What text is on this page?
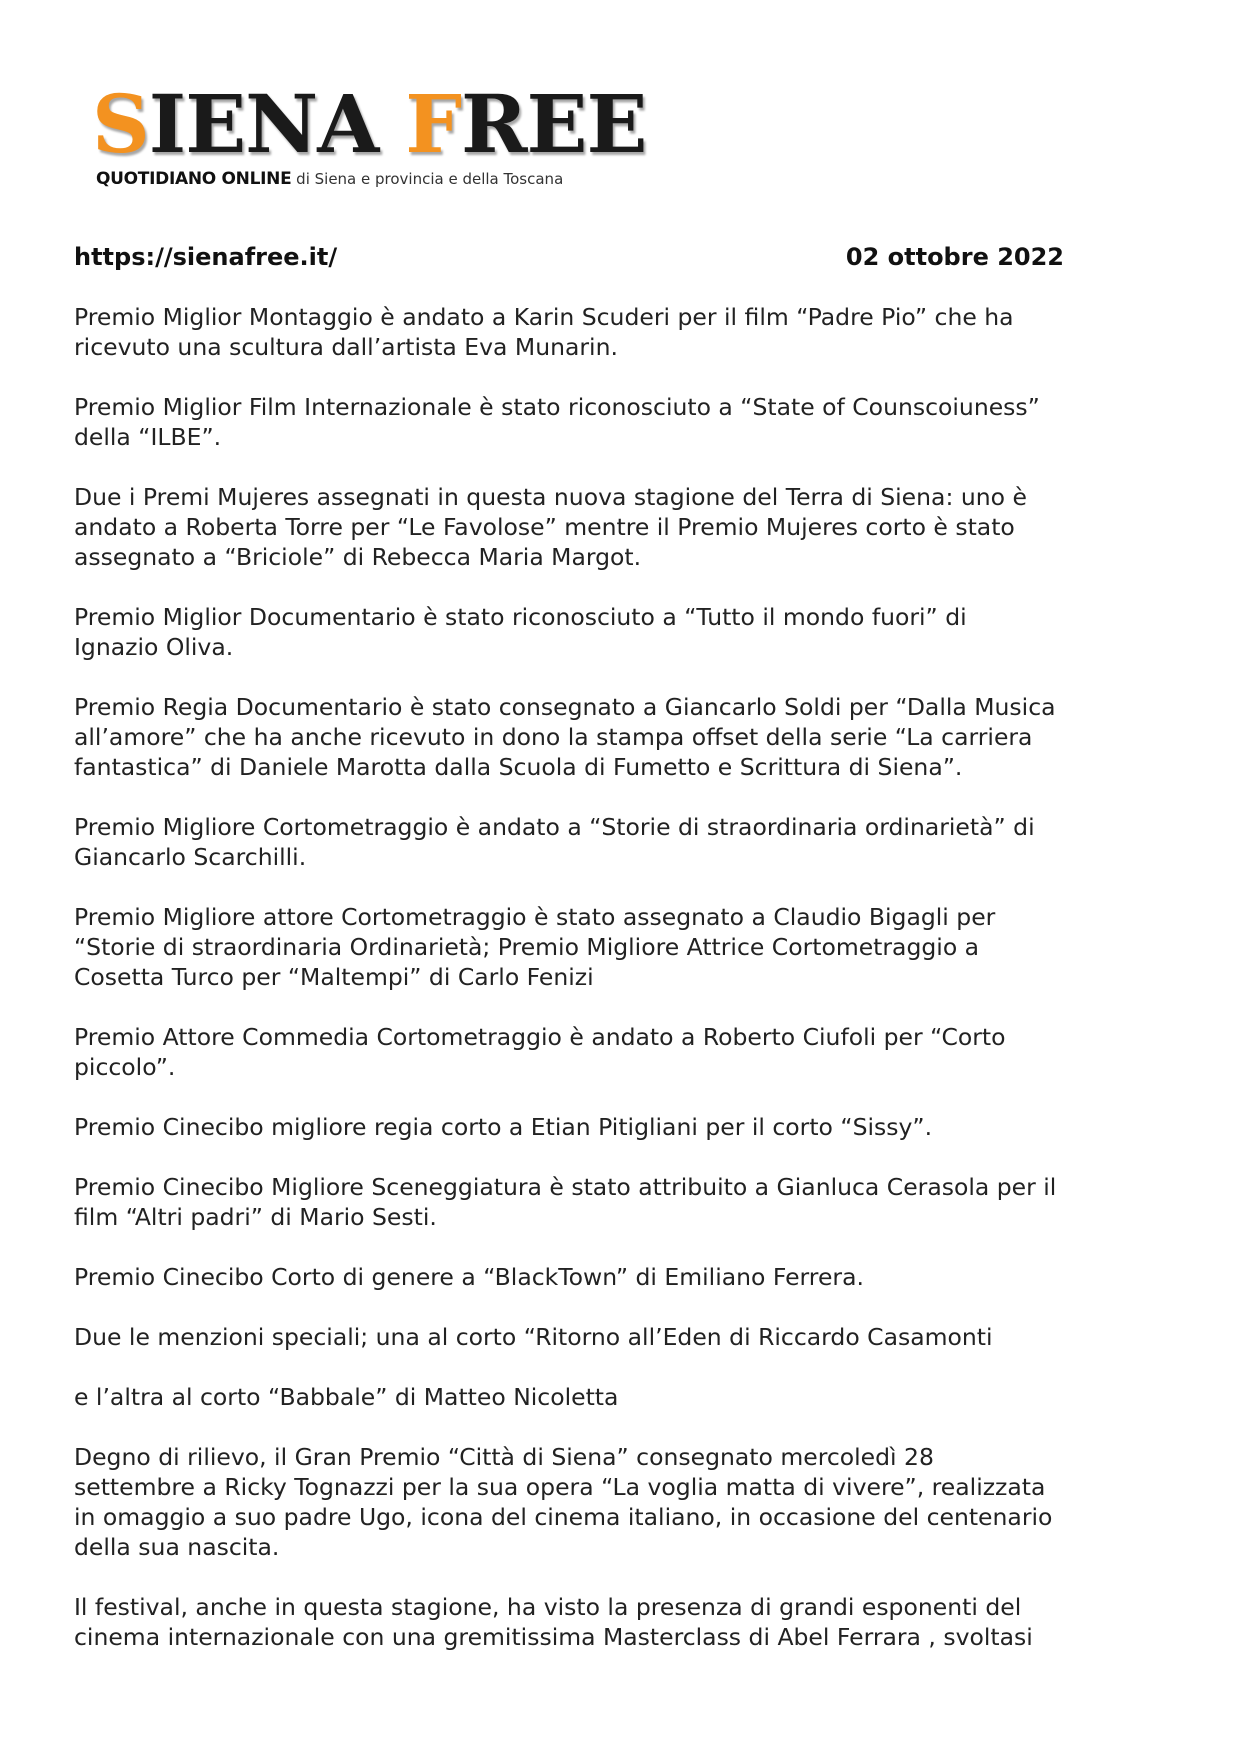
SIENA FREE
QUOTIDIANO ONLINE di Siena e provincia e della Toscana
https://sienafree.it/	02 ottobre 2022

Premio Miglior Montaggio è andato a Karin Scuderi per il film “Padre Pio” che ha
ricevuto una scultura dall’artista Eva Munarin.

Premio Miglior Film Internazionale è stato riconosciuto a “State of Counscoiuness”
della “ILBE”.

Due i Premi Mujeres assegnati in questa nuova stagione del Terra di Siena: uno è
andato a Roberta Torre per “Le Favolose” mentre il Premio Mujeres corto è stato
assegnato a “Briciole” di Rebecca Maria Margot.

Premio Miglior Documentario è stato riconosciuto a “Tutto il mondo fuori” di
Ignazio Oliva.

Premio Regia Documentario è stato consegnato a Giancarlo Soldi per “Dalla Musica
all’amore” che ha anche ricevuto in dono la stampa offset della serie “La carriera
fantastica” di Daniele Marotta dalla Scuola di Fumetto e Scrittura di Siena”.

Premio Migliore Cortometraggio è andato a “Storie di straordinaria ordinarietà” di
Giancarlo Scarchilli.

Premio Migliore attore Cortometraggio è stato assegnato a Claudio Bigagli per
“Storie di straordinaria Ordinarietà; Premio Migliore Attrice Cortometraggio a
Cosetta Turco per “Maltempi” di Carlo Fenizi

Premio Attore Commedia Cortometraggio è andato a Roberto Ciufoli per “Corto
piccolo”.

Premio Cinecibo migliore regia corto a Etian Pitigliani per il corto “Sissy”.

Premio Cinecibo Migliore Sceneggiatura è stato attribuito a Gianluca Cerasola per il
film “Altri padri” di Mario Sesti.

Premio Cinecibo Corto di genere a “BlackTown” di Emiliano Ferrera.

Due le menzioni speciali; una al corto “Ritorno all’Eden di Riccardo Casamonti

e l’altra al corto “Babbale” di Matteo Nicoletta

Degno di rilievo, il Gran Premio “Città di Siena” consegnato mercoledì 28
settembre a Ricky Tognazzi per la sua opera “La voglia matta di vivere”, realizzata
in omaggio a suo padre Ugo, icona del cinema italiano, in occasione del centenario
della sua nascita.

Il festival, anche in questa stagione, ha visto la presenza di grandi esponenti del
cinema internazionale con una gremitissima Masterclass di Abel Ferrara , svoltasi
